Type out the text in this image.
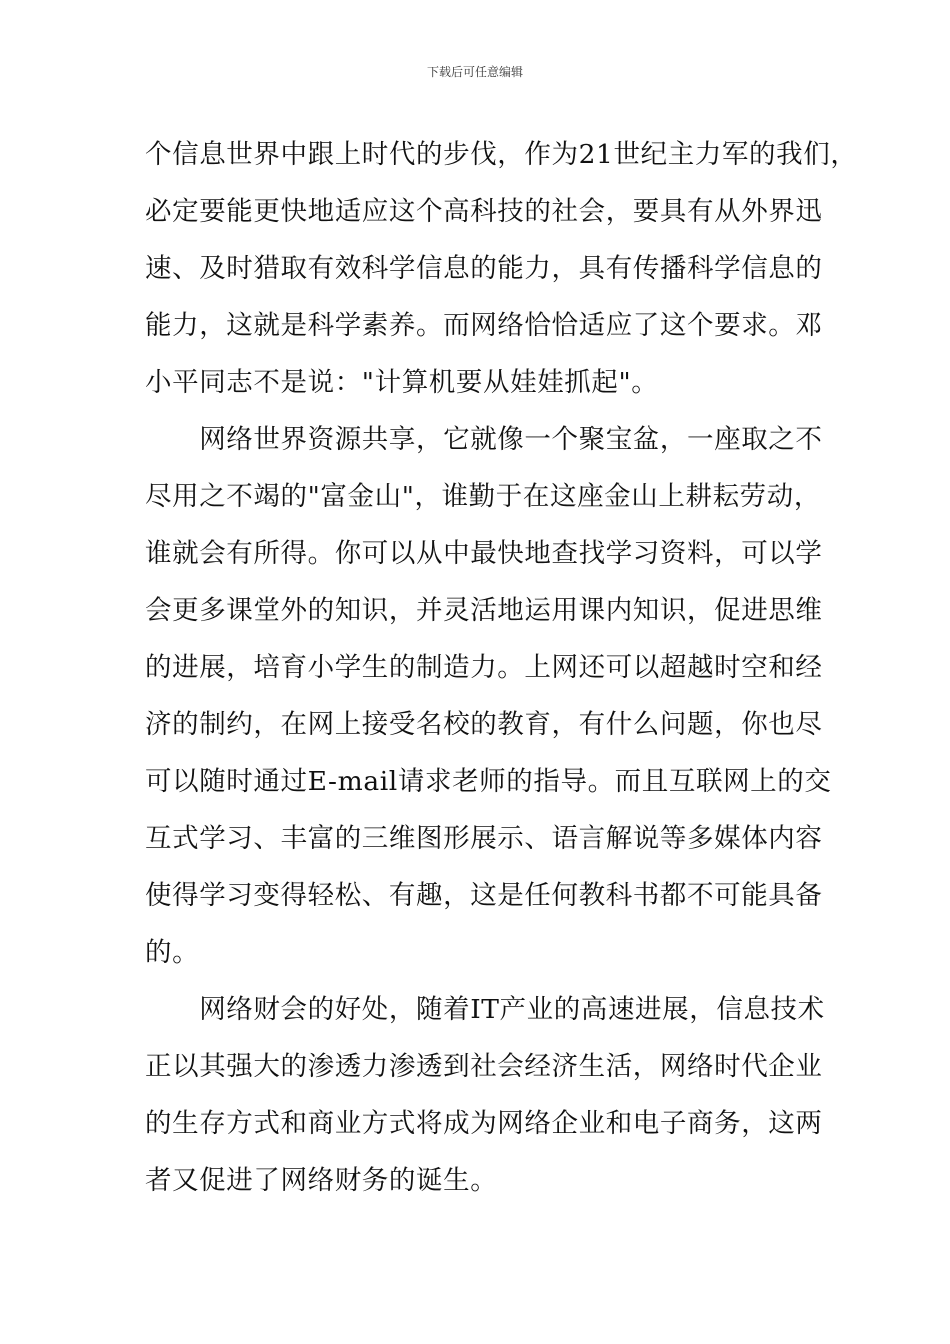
下载后可任意编辑

个信息世界中跟上时代的步伐，作为21世纪主力军的我们，
必定要能更快地适应这个高科技的社会，要具有从外界迅
速、及时猎取有效科学信息的能力，具有传播科学信息的
能力，这就是科学素养。而网络恰恰适应了这个要求。邓
小平同志不是说："计算机要从娃娃抓起"。

　　网络世界资源共享，它就像一个聚宝盆，一座取之不
尽用之不竭的"富金山"，谁勤于在这座金山上耕耘劳动，
谁就会有所得。你可以从中最快地查找学习资料，可以学
会更多课堂外的知识，并灵活地运用课内知识，促进思维
的进展，培育小学生的制造力。上网还可以超越时空和经
济的制约，在网上接受名校的教育，有什么问题，你也尽
可以随时通过E-mail请求老师的指导。而且互联网上的交
互式学习、丰富的三维图形展示、语言解说等多媒体内容
使得学习变得轻松、有趣，这是任何教科书都不可能具备
的。

　　网络财会的好处，随着IT产业的高速进展，信息技术
正以其强大的渗透力渗透到社会经济生活，网络时代企业
的生存方式和商业方式将成为网络企业和电子商务，这两
者又促进了网络财务的诞生。
